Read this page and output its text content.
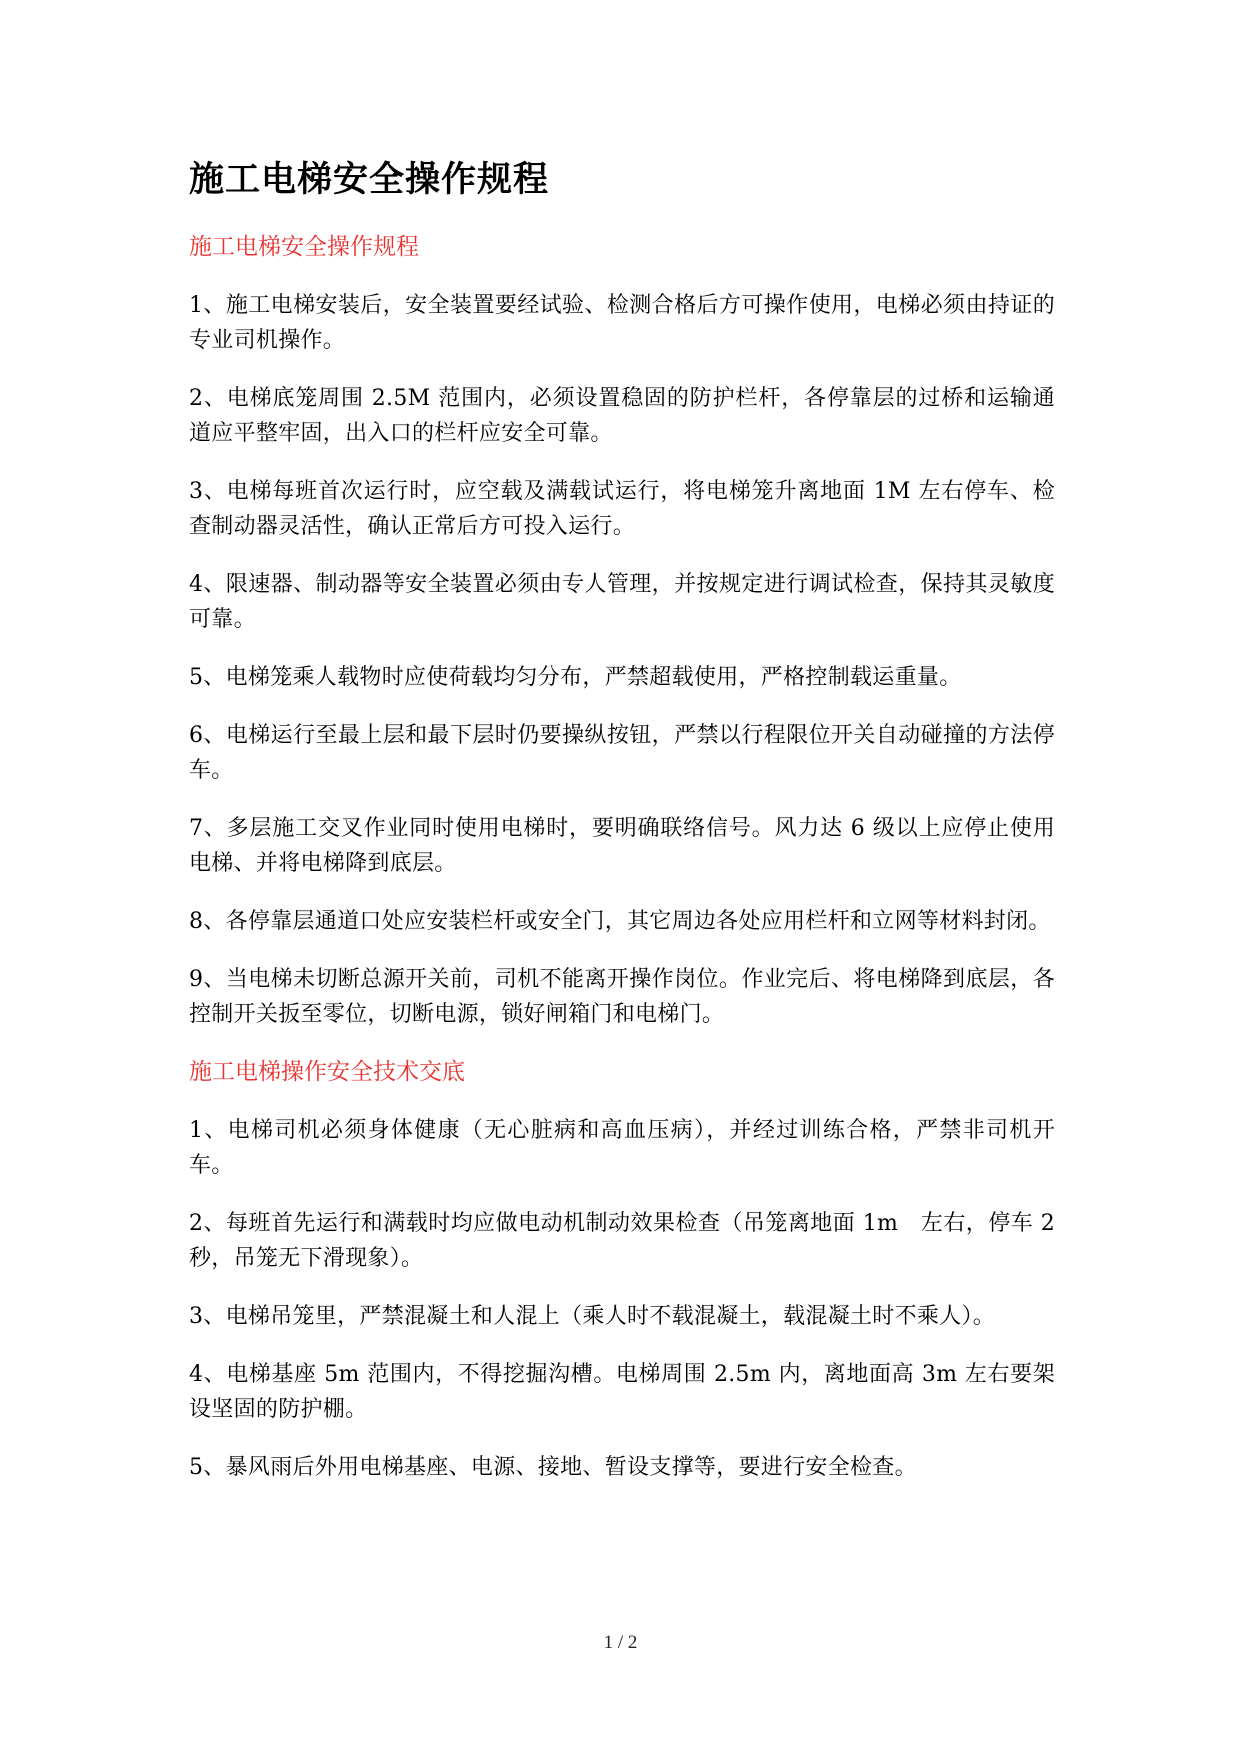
施工电梯安全操作规程
施工电梯安全操作规程

1、施工电梯安装后，安全装置要经试验、检测合格后方可操作使用，电梯必须由持证的专业司机操作。

2、电梯底笼周围 2.5M 范围内，必须设置稳固的防护栏杆，各停靠层的过桥和运输通道应平整牢固，出入口的栏杆应安全可靠。

3、电梯每班首次运行时，应空载及满载试运行，将电梯笼升离地面 1M 左右停车、检查制动器灵活性，确认正常后方可投入运行。

4、限速器、制动器等安全装置必须由专人管理，并按规定进行调试检查，保持其灵敏度可靠。

5、电梯笼乘人载物时应使荷载均匀分布，严禁超载使用，严格控制载运重量。

6、电梯运行至最上层和最下层时仍要操纵按钮，严禁以行程限位开关自动碰撞的方法停车。

7、多层施工交叉作业同时使用电梯时，要明确联络信号。风力达 6 级以上应停止使用电梯、并将电梯降到底层。

8、各停靠层通道口处应安装栏杆或安全门，其它周边各处应用栏杆和立网等材料封闭。

9、当电梯未切断总源开关前，司机不能离开操作岗位。作业完后、将电梯降到底层，各控制开关扳至零位，切断电源，锁好闸箱门和电梯门。

施工电梯操作安全技术交底

1、电梯司机必须身体健康（无心脏病和高血压病），并经过训练合格，严禁非司机开车。

2、每班首先运行和满载时均应做电动机制动效果检查（吊笼离地面 1m　左右，停车 2 秒，吊笼无下滑现象）。

3、电梯吊笼里，严禁混凝土和人混上（乘人时不载混凝土，载混凝土时不乘人）。

4、电梯基座 5m 范围内，不得挖掘沟槽。电梯周围 2.5m 内，离地面高 3m 左右要架设坚固的防护棚。

5、暴风雨后外用电梯基座、电源、接地、暂设支撑等，要进行安全检查。

1 / 2
